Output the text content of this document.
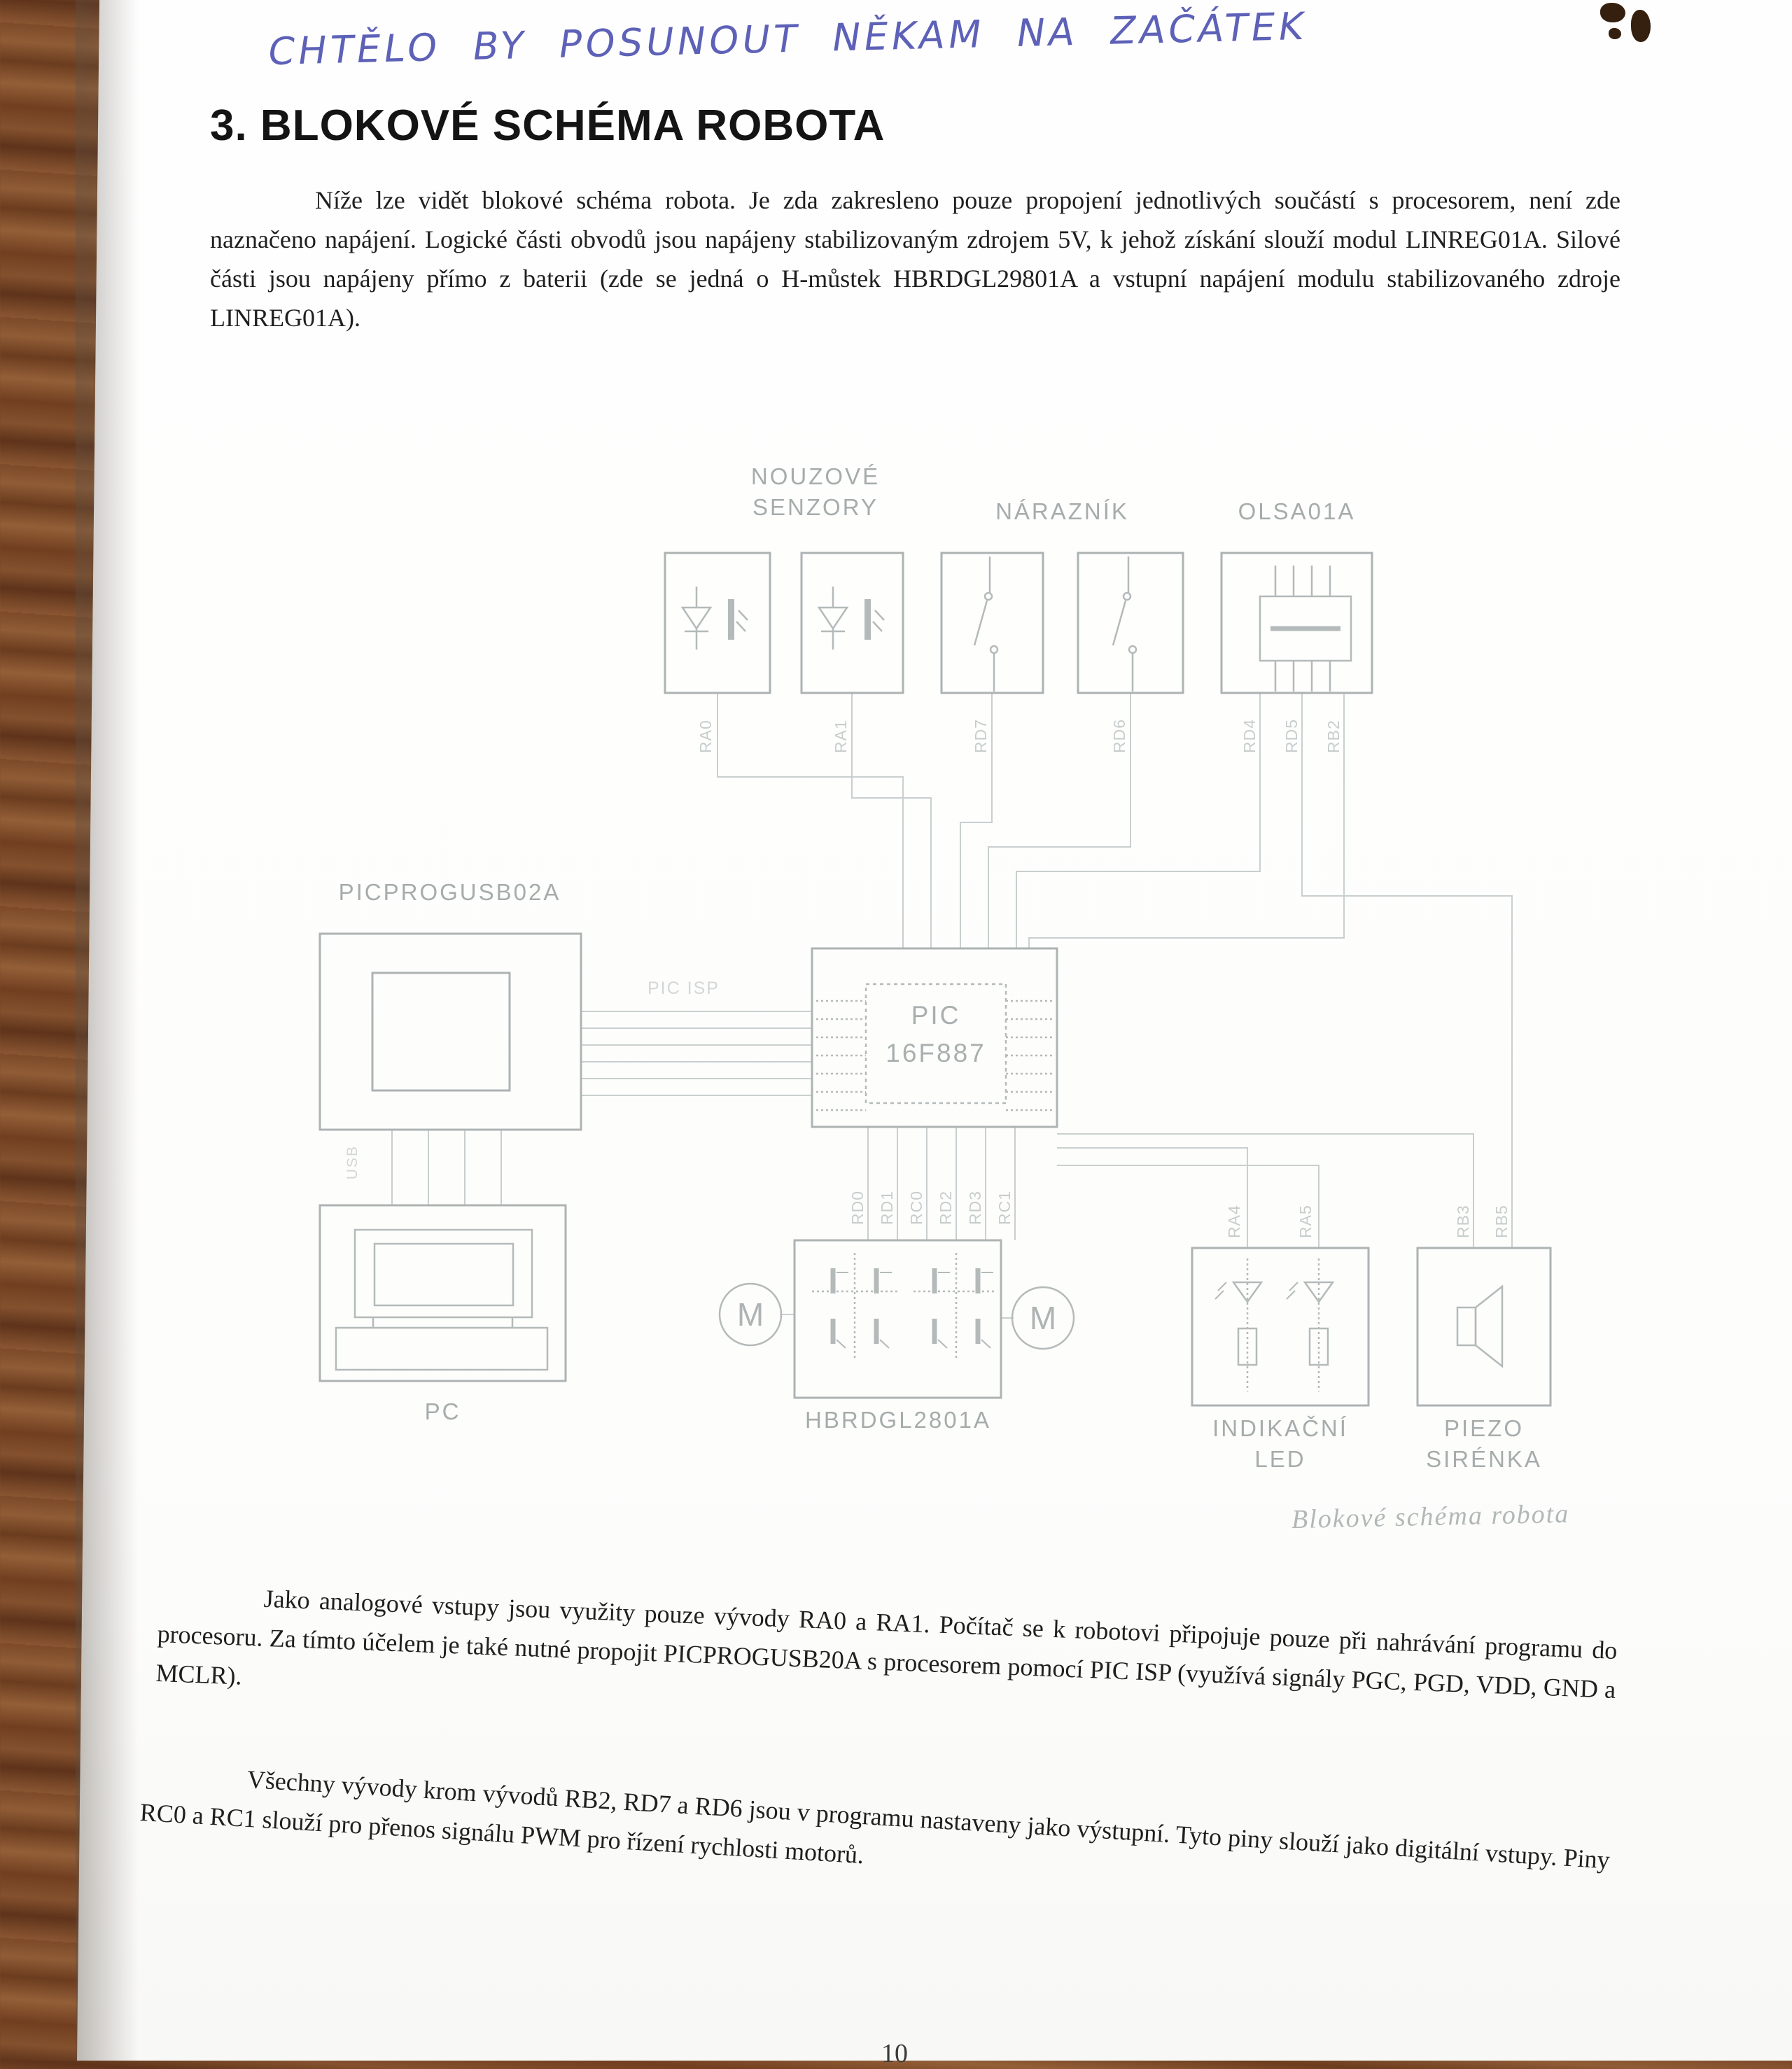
CHTĚLO BY POSUNOUT NĚKAM NA ZAČÁTEK
3. BLOKOVÉ SCHÉMA ROBOTA
Níže lze vidět blokové schéma robota. Je zda zakresleno pouze propojení jednotlivých součástí s procesorem, není zde naznačeno napájení. Logické části obvodů jsou napájeny stabilizovaným zdrojem 5V, k jehož získání slouží modul LINREG01A. Silové části jsou napájeny přímo z baterii (zde se jedná o H-můstek HBRDGL29801A a vstupní napájení modulu stabilizovaného zdroje LINREG01A).
NOUZOVÉ
SENZORY	NÁRAZNÍK	OLSA01A
PICPROGUSB02A
PIC
16F887
HBRDGL2801A	INDIKAČNÍ
LED
PIEZO
SIRÉNKA
PC
M	M
PIC ISP
USB
RA0	RA1	RD7	RD6	RD4 RD5 RB2
RD0 RD1 RC0 RD2 RD3 RC1	RA4	RA5	RB3 RB5
Blokové schéma robota
Jako analogové vstupy jsou využity pouze vývody RA0 a RA1. Počítač se k robotovi připojuje pouze při nahrávání programu do procesoru. Za tímto účelem je také nutné propojit PICPROGUSB20A s procesorem pomocí PIC ISP (využívá signály PGC, PGD, VDD, GND a MCLR).
Všechny vývody krom vývodů RB2, RD7 a RD6 jsou v programu nastaveny jako výstupní. Tyto piny slouží jako digitální vstupy. Piny RC0 a RC1 slouží pro přenos signálu PWM pro řízení rychlosti motorů.
10
